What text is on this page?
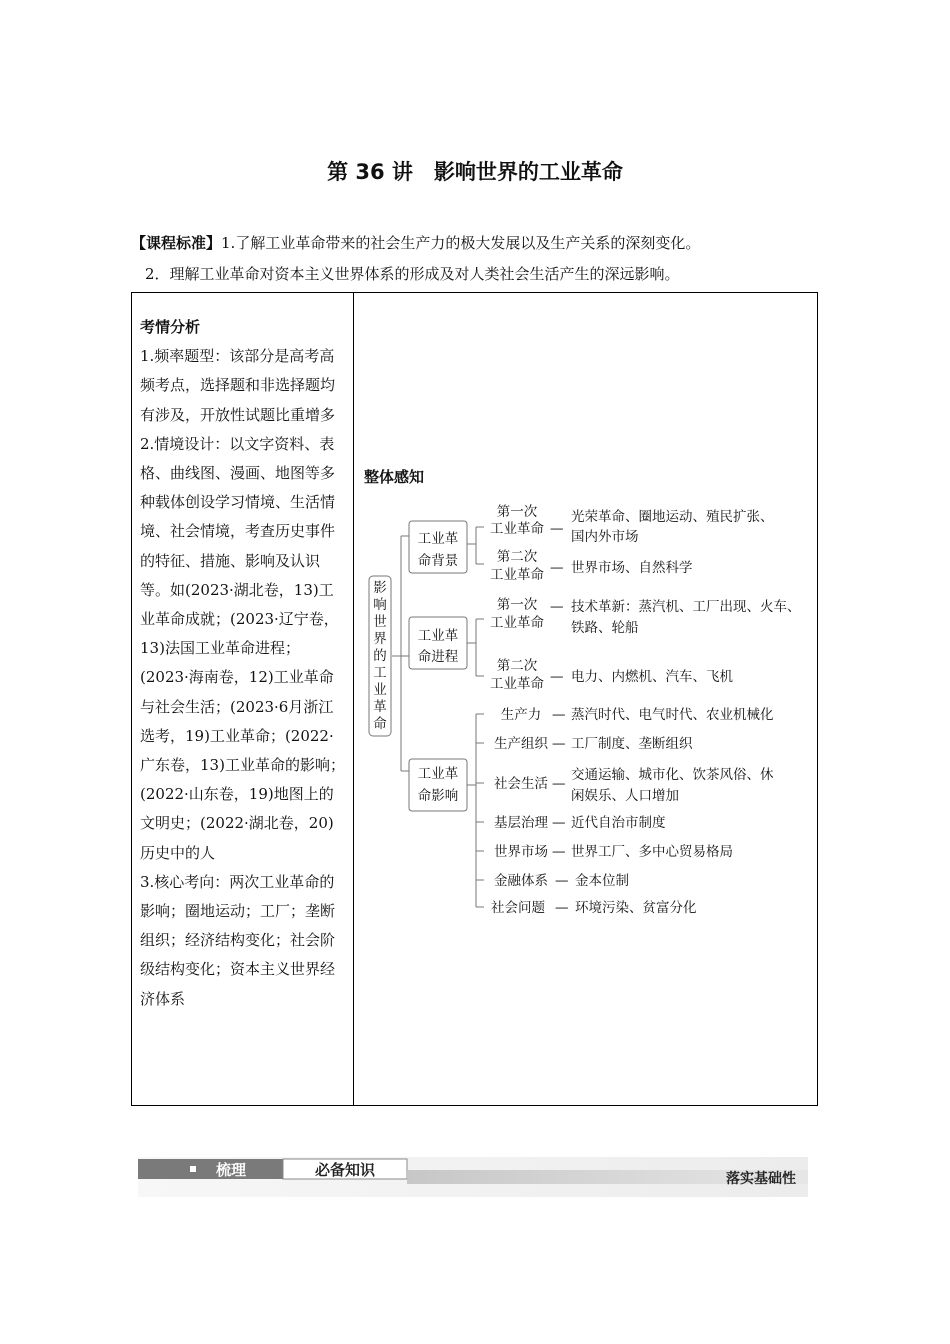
第 36 讲　影响世界的工业革命
【课程标准】1.了解工业革命带来的社会生产力的极大发展以及生产关系的深刻变化。
2．理解工业革命对资本主义世界体系的形成及对人类社会生活产生的深远影响。

考情分析

1.频率题型：该部分是高考高频考点，选择题和非选择题均有涉及，开放性试题比重增多

2.情境设计：以文字资料、表格、曲线图、漫画、地图等多种载体创设学习情境、生活情境、社会情境，考查历史事件的特征、措施、影响及认识等。如(2023·湖北卷，13)工业革命成就；(2023·辽宁卷，13)法国工业革命进程；(2023·海南卷，12)工业革命与社会生活；(2023·6月浙江选考，19)工业革命；(2022·广东卷，13)工业革命的影响；(2022·山东卷，19)地图上的文明史；(2022·湖北卷，20)历史中的人

3.核心考向：两次工业革命的影响；圈地运动；工厂；垄断组织；经济结构变化；社会阶级结构变化；资本主义世界经济体系

整体感知
影
响
世
界
的
工
业
革
命
工业革
命背景
第一次
工业革命 —
光荣革命、圈地运动、殖民扩张、
国内外市场
第二次
工业革命 — 世界市场、自然科学
工业革
命进程
第一次
工业革命
— 技术革新：蒸汽机、工厂出现、火车、
铁路、轮船
第二次
工业革命 — 电力、内燃机、汽车、飞机
工业革
命影响
生产力 — 蒸汽时代、电气时代、农业机械化
生产组织 — 工厂制度、垄断组织
社会生活 —
交通运输、城市化、饮茶风俗、休
闲娱乐、人口增加
基层治理 — 近代自治市制度
世界市场 — 世界工厂、多中心贸易格局
金融体系 — 金本位制
社会问题 — 环境污染、贫富分化
梳理	必备知识	落实基础性
